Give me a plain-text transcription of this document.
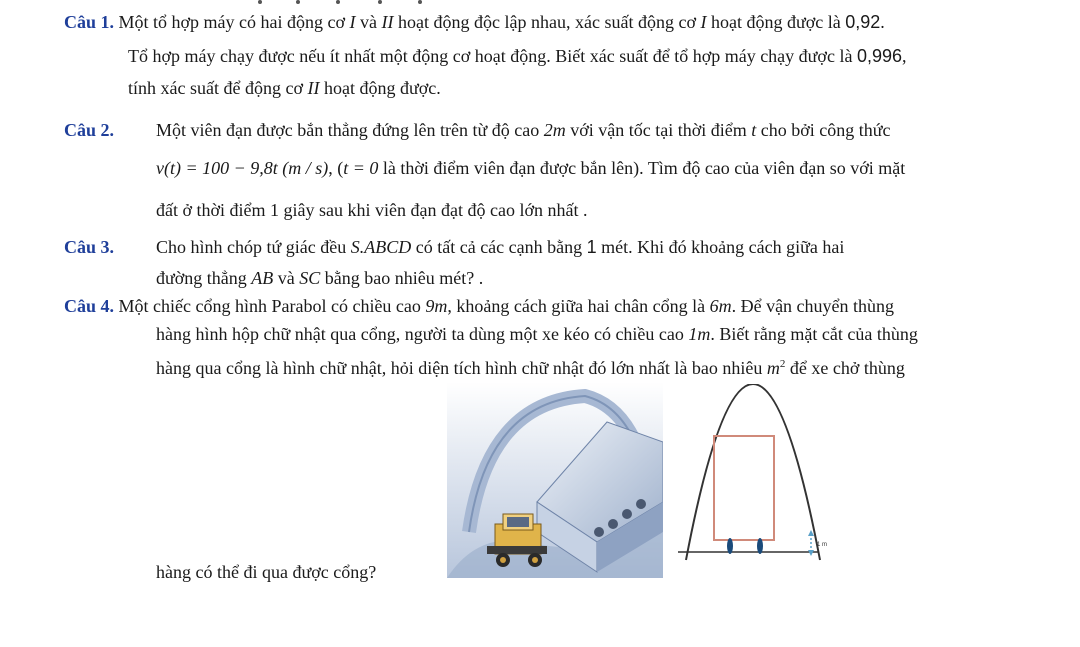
Câu 1. Một tổ hợp máy có hai động cơ I và II hoạt động độc lập nhau, xác suất động cơ I hoạt động được là 0,92.
Tổ hợp máy chạy được nếu ít nhất một động cơ hoạt động. Biết xác suất để tổ hợp máy chạy được là 0,996,
tính xác suất để động cơ II hoạt động được.
Câu 2. Một viên đạn được bắn thẳng đứng lên trên từ độ cao 2m với vận tốc tại thời điểm t cho bởi công thức
v(t) = 100 − 9,8t (m / s), (t = 0 là thời điểm viên đạn được bắn lên). Tìm độ cao của viên đạn so với mặt
đất ở thời điểm 1 giây sau khi viên đạn đạt độ cao lớn nhất .
Câu 3. Cho hình chóp tứ giác đều S.ABCD có tất cả các cạnh bằng 1 mét. Khi đó khoảng cách giữa hai
đường thẳng AB và SC bằng bao nhiêu mét? .
Câu 4. Một chiếc cổng hình Parabol có chiều cao 9m, khoảng cách giữa hai chân cổng là 6m. Để vận chuyển thùng
hàng hình hộp chữ nhật qua cổng, người ta dùng một xe kéo có chiều cao 1m. Biết rằng mặt cắt của thùng
hàng qua cổng là hình chữ nhật, hỏi diện tích hình chữ nhật đó lớn nhất là bao nhiêu $m^2$ để xe chở thùng
hàng có thể đi qua được cổng?
1 m
